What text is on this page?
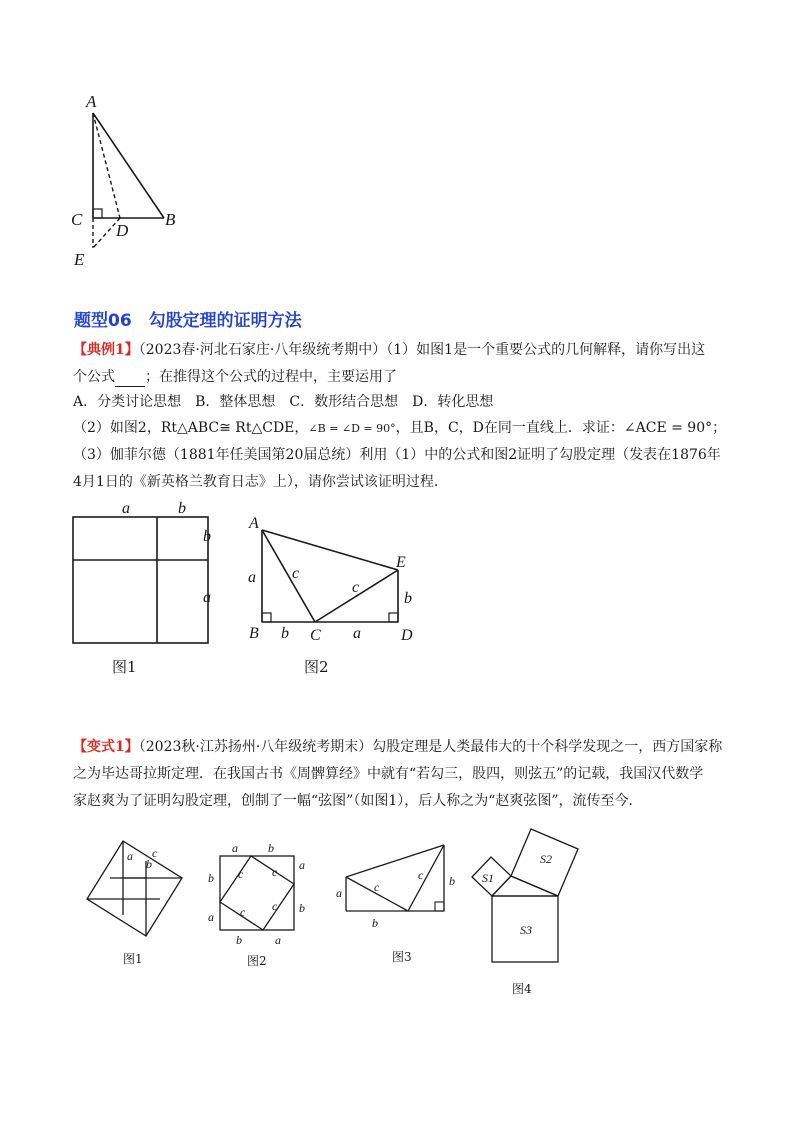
A
C
D
B
E
题型06　勾股定理的证明方法
【典例1】（2023春·河北石家庄·八年级统考期中）（1）如图1是一个重要公式的几何解释，请你写出这
个公式 ；在推得这个公式的过程中，主要运用了
A．分类讨论思想　B．整体思想　C．数形结合思想　D．转化思想
（2）如图2，Rt△ABC≅ Rt△CDE，∠B = ∠D = 90°，且B，C，D在同一直线上．求证：∠ACE = 90°；
（3）伽菲尔德（1881年任美国第20届总统）利用（1）中的公式和图2证明了勾股定理（发表在1876年
4月1日的《新英格兰教育日志》上），请你尝试该证明过程．
a	b
b
a
图1
A
B	C	D
E
a c
c
b
b	a
图2
【变式1】（2023秋·江苏扬州·八年级统考期末）勾股定理是人类最伟大的十个科学发现之一，西方国家称
之为毕达哥拉斯定理．在我国古书《周髀算经》中就有“若勾三，股四，则弦五”的记载，我国汉代数学
家赵爽为了证明勾股定理，创制了一幅“弦图”（如图1），后人称之为“赵爽弦图”，流传至今．
a
b
c
图1
a	b
a
b
c c
c c
b
a
b	a
图2
a
b
c
c b
图3
S1
S2
S3
图4
